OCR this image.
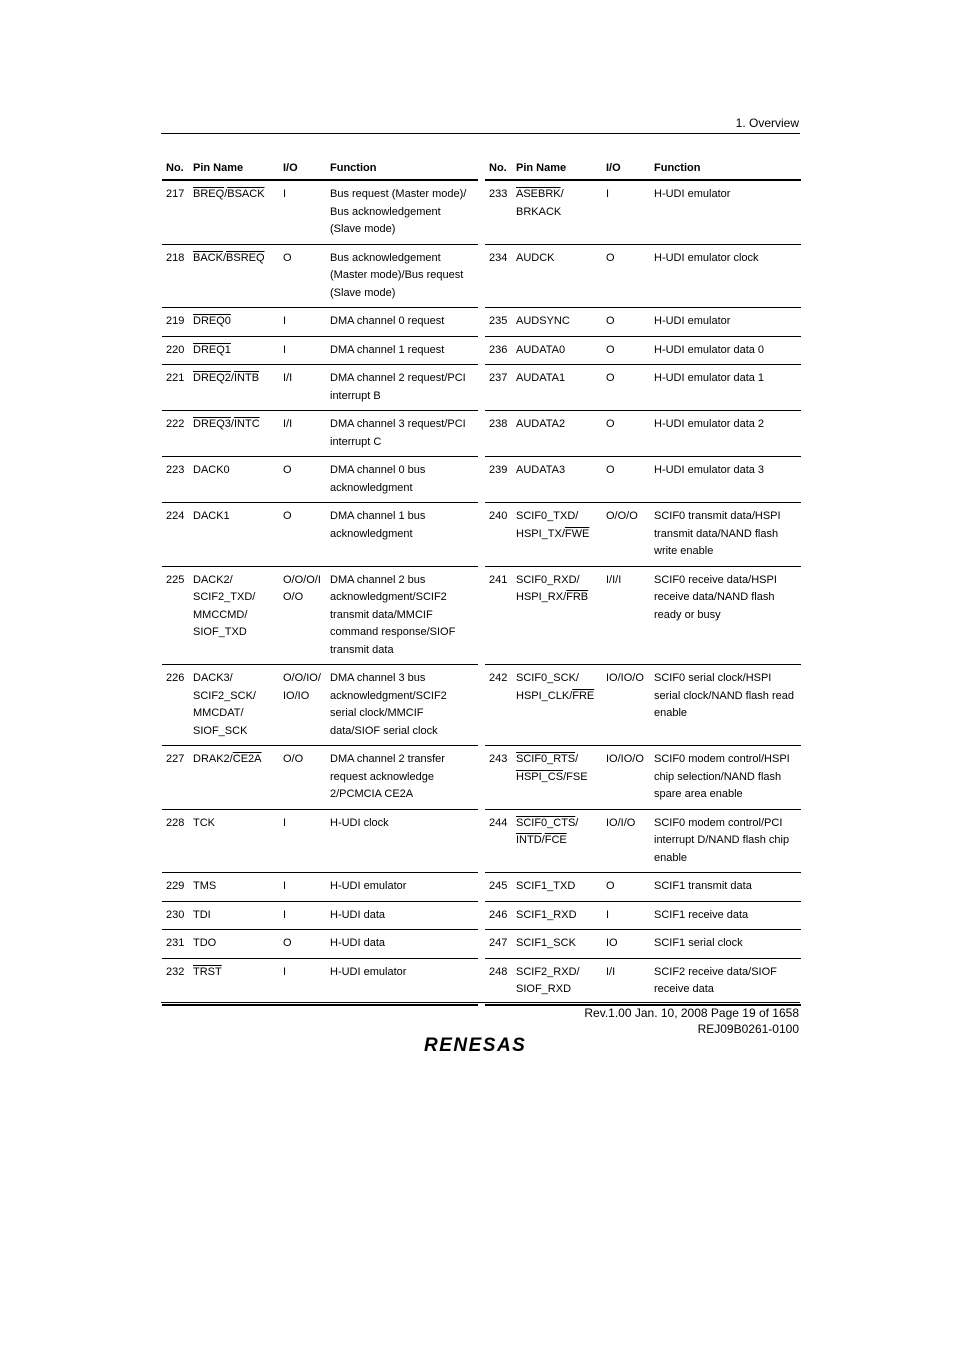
1. Overview
No.	Pin Name	I/O	Function
217	BREQ/BSACK	I	Bus request (Master mode)/
Bus acknowledgement
(Slave mode)
218	BACK/BSREQ	O	Bus acknowledgement
(Master mode)/Bus request
(Slave mode)
219	DREQ0	I	DMA channel 0 request
220	DREQ1	I	DMA channel 1 request
221	DREQ2/INTB	I/I	DMA channel 2 request/PCI
interrupt B
222	DREQ3/INTC	I/I	DMA channel 3 request/PCI
interrupt C
223	DACK0	O	DMA channel 0 bus
acknowledgment
224	DACK1	O	DMA channel 1 bus
acknowledgment
225	DACK2/
SCIF2_TXD/
MMCCMD/
SIOF_TXD	O/O/O/I
O/O	DMA channel 2 bus
acknowledgment/SCIF2
transmit data/MMCIF
command response/SIOF
transmit data
226	DACK3/
SCIF2_SCK/
MMCDAT/
SIOF_SCK	O/O/IO/
IO/IO	DMA channel 3 bus
acknowledgment/SCIF2
serial clock/MMCIF
data/SIOF serial clock
227	DRAK2/CE2A	O/O	DMA channel 2 transfer
request acknowledge
2/PCMCIA CE2A
228	TCK	I	H-UDI clock

229	TMS	I	H-UDI emulator
230	TDI	I	H-UDI data
231	TDO	O	H-UDI data
232	TRST	I	H-UDI emulator

No.	Pin Name	I/O	Function
233	ASEBRK/
BRKACK	I	H-UDI emulator

234	AUDCK	O	H-UDI emulator clock

235	AUDSYNC	O	H-UDI emulator
236	AUDATA0	O	H-UDI emulator data 0
237	AUDATA1	O	H-UDI emulator data 1

238	AUDATA2	O	H-UDI emulator data 2

239	AUDATA3	O	H-UDI emulator data 3

240	SCIF0_TXD/
$HSPI\_TX/\overline{FWE}$	O/O/O	SCIF0 transmit data/HSPI
transmit data/NAND flash
write enable
241	SCIF0_RXD/
$HSPI\_RX/\overline{FRB}$	I/I/I	SCIF0 receive data/HSPI
receive data/NAND flash
ready or busy

242	SCIF0_SCK/
$HSPI\_CLK/\overline{FRE}$	IO/IO/O	SCIF0 serial clock/HSPI
serial clock/NAND flash read
enable

243	SCIF0_RTS/
HSPI_CS/FSE	IO/IO/O	SCIF0 modem control/HSPI
chip selection/NAND flash
spare area enable
244	SCIF0_CTS/
INTD/$\overline{FCE}$	IO/I/O	SCIF0 modem control/PCI
interrupt D/NAND flash chip
enable
245	SCIF1_TXD	O	SCIF1 transmit data
246	SCIF1_RXD	I	SCIF1 receive data
247	SCIF1_SCK	IO	SCIF1 serial clock
248	SCIF2_RXD/
SIOF_RXD	I/I	SCIF2 receive data/SIOF
receive data
Rev.1.00 Jan. 10, 2008 Page 19 of 1658
REJ09B0261-0100
RENESAS
